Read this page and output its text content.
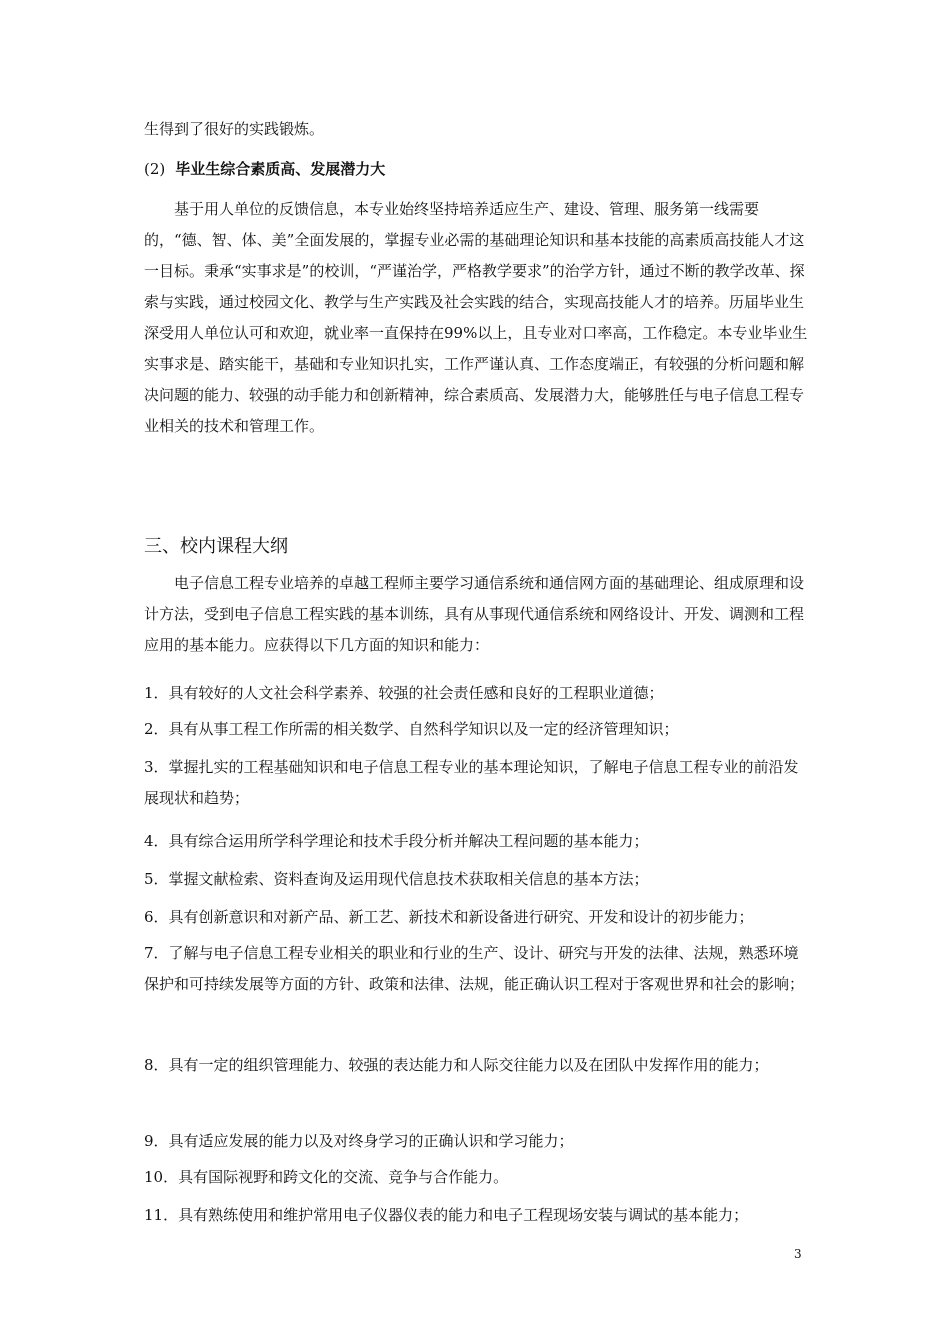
生得到了很好的实践锻炼。
(2) 毕业生综合素质高、发展潜力大
基于用人单位的反馈信息，本专业始终坚持培养适应生产、建设、管理、服务第一线需要的，“德、智、体、美”全面发展的，掌握专业必需的基础理论知识和基本技能的高素质高技能人才这一目标。秉承“实事求是”的校训，“严谨治学，严格教学要求”的治学方针，通过不断的教学改革、探索与实践，通过校园文化、教学与生产实践及社会实践的结合，实现高技能人才的培养。历届毕业生深受用人单位认可和欢迎，就业率一直保持在99%以上，且专业对口率高，工作稳定。本专业毕业生实事求是、踏实能干，基础和专业知识扎实，工作严谨认真、工作态度端正，有较强的分析问题和解决问题的能力、较强的动手能力和创新精神，综合素质高、发展潜力大，能够胜任与电子信息工程专业相关的技术和管理工作。
三、校内课程大纲
电子信息工程专业培养的卓越工程师主要学习通信系统和通信网方面的基础理论、组成原理和设计方法，受到电子信息工程实践的基本训练，具有从事现代通信系统和网络设计、开发、调测和工程应用的基本能力。应获得以下几方面的知识和能力：
1．具有较好的人文社会科学素养、较强的社会责任感和良好的工程职业道德；
2．具有从事工程工作所需的相关数学、自然科学知识以及一定的经济管理知识；
3．掌握扎实的工程基础知识和电子信息工程专业的基本理论知识，了解电子信息工程专业的前沿发展现状和趋势；
4．具有综合运用所学科学理论和技术手段分析并解决工程问题的基本能力；
5．掌握文献检索、资料查询及运用现代信息技术获取相关信息的基本方法；
6．具有创新意识和对新产品、新工艺、新技术和新设备进行研究、开发和设计的初步能力；
7．了解与电子信息工程专业相关的职业和行业的生产、设计、研究与开发的法律、法规，熟悉环境保护和可持续发展等方面的方针、政策和法律、法规，能正确认识工程对于客观世界和社会的影响；
8．具有一定的组织管理能力、较强的表达能力和人际交往能力以及在团队中发挥作用的能力；
9．具有适应发展的能力以及对终身学习的正确认识和学习能力；
10．具有国际视野和跨文化的交流、竞争与合作能力。
11．具有熟练使用和维护常用电子仪器仪表的能力和电子工程现场安装与调试的基本能力；
3
